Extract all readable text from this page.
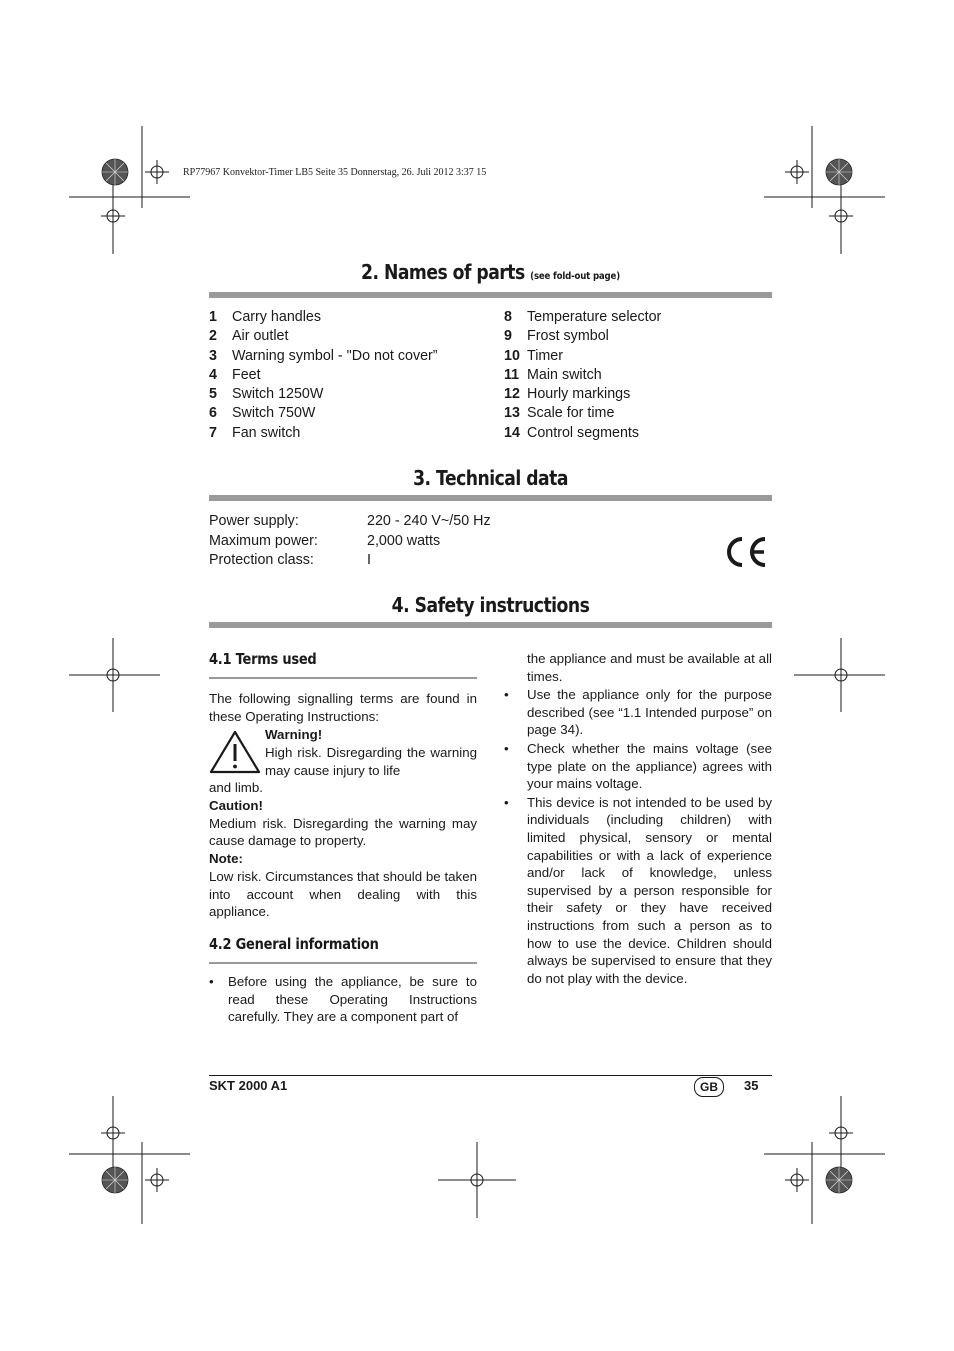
RP77967 Konvektor-Timer LB5 Seite 35 Donnerstag, 26. Juli 2012 3:37 15
2. Names of parts (see fold-out page)
1	Carry handles
2	Air outlet
3	Warning symbol - "Do not cover”
4	Feet
5	Switch 1250W
6	Switch 750W
7	Fan switch
8	Temperature selector
9	Frost symbol
10 Timer
11 Main switch
12 Hourly markings
13 Scale for time
14 Control segments
3. Technical data
Power supply:	220 - 240 V~/50 Hz
Maximum power:	2,000 watts
Protection class:	I
4. Safety instructions
4.1 Terms used

The following signalling terms are found in these Operating Instructions:

Warning!

High risk. Disregarding the warning may cause injury to life

and limb.

Caution!

Medium risk. Disregarding the warning may cause damage to property.

Note:

Low risk. Circumstances that should be taken into account when dealing with this appliance.

4.2 General information

• Before using the appliance, be sure to read these Operating Instructions carefully. They are a component part of

the appliance and must be available at all times.

• Use the appliance only for the purpose described (see “1.1 Intended purpose” on page 34).

• Check whether the mains voltage (see type plate on the appliance) agrees with your mains voltage.

• This device is not intended to be used by individuals (including children) with limited physical, sensory or mental capabilities or with a lack of experience and/or lack of knowledge, unless supervised by a person responsible for their safety or they have received instructions from such a person as to how to use the device. Children should always be supervised to ensure that they do not play with the device.

SKT 2000 A1	GB	35
